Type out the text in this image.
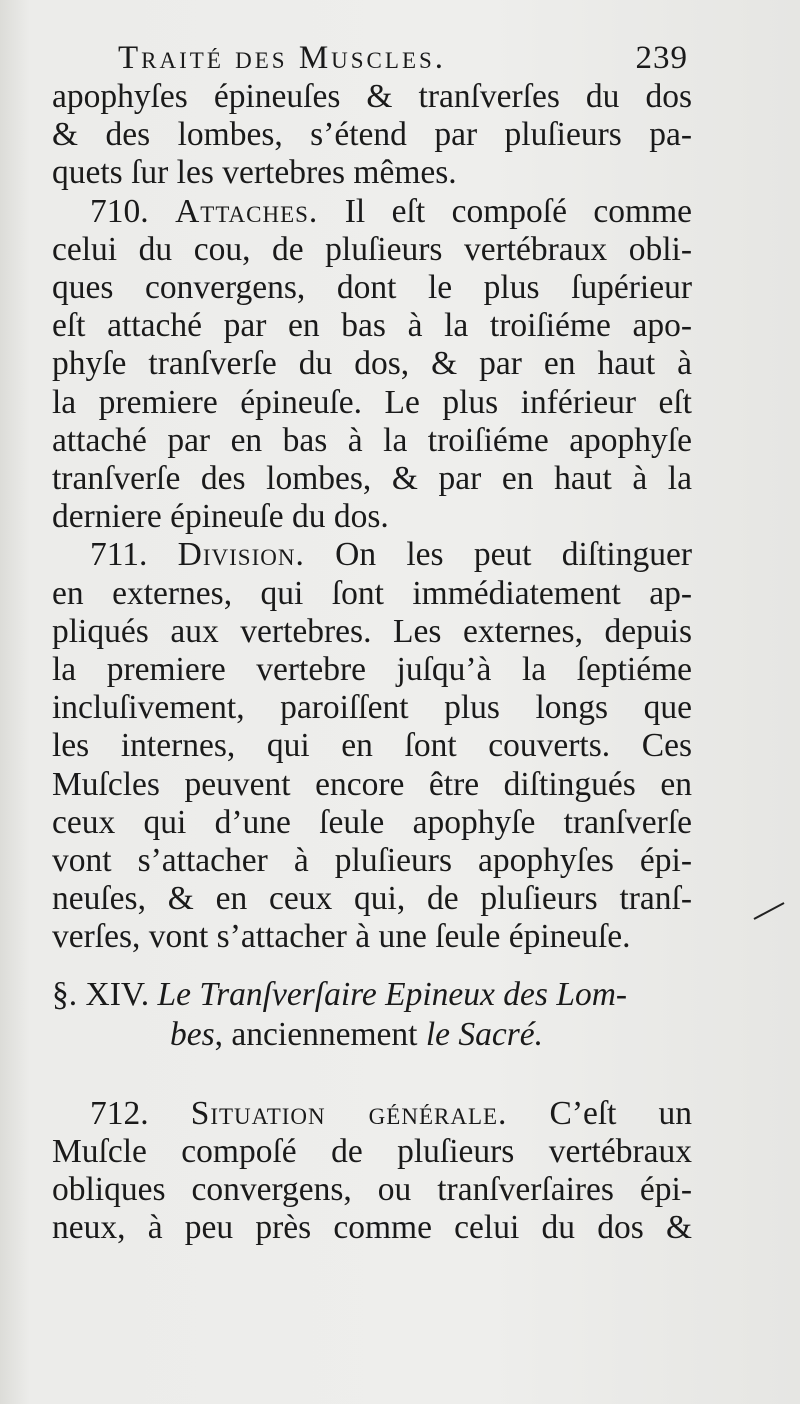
Traité des Muscles.	239
apophyſes épineuſes & tranſverſes du dos
& des lombes, s’étend par pluſieurs pa-
quets ſur les vertebres mêmes.
710. Attaches. Il eſt compoſé comme
celui du cou, de pluſieurs vertébraux obli-
ques convergens, dont le plus ſupérieur
eſt attaché par en bas à la troiſiéme apo-
phyſe tranſverſe du dos, & par en haut à
la premiere épineuſe. Le plus inférieur eſt
attaché par en bas à la troiſiéme apophyſe
tranſverſe des lombes, & par en haut à la
derniere épineuſe du dos.
711. Division. On les peut diſtinguer
en externes, qui ſont immédiatement ap-
pliqués aux vertebres. Les externes, depuis
la premiere vertebre juſqu’à la ſeptiéme
incluſivement, paroiſſent plus longs que
les internes, qui en ſont couverts. Ces
Muſcles peuvent encore être diſtingués en
ceux qui d’une ſeule apophyſe tranſverſe
vont s’attacher à pluſieurs apophyſes épi-
neuſes, & en ceux qui, de pluſieurs tranſ-
verſes, vont s’attacher à une ſeule épineuſe.
§. XIV. Le Tranſverſaire Epineux des Lom-
bes, anciennement le Sacré.
712. Situation générale. C’eſt un
Muſcle compoſé de pluſieurs vertébraux
obliques convergens, ou tranſverſaires épi-
neux, à peu près comme celui du dos &
